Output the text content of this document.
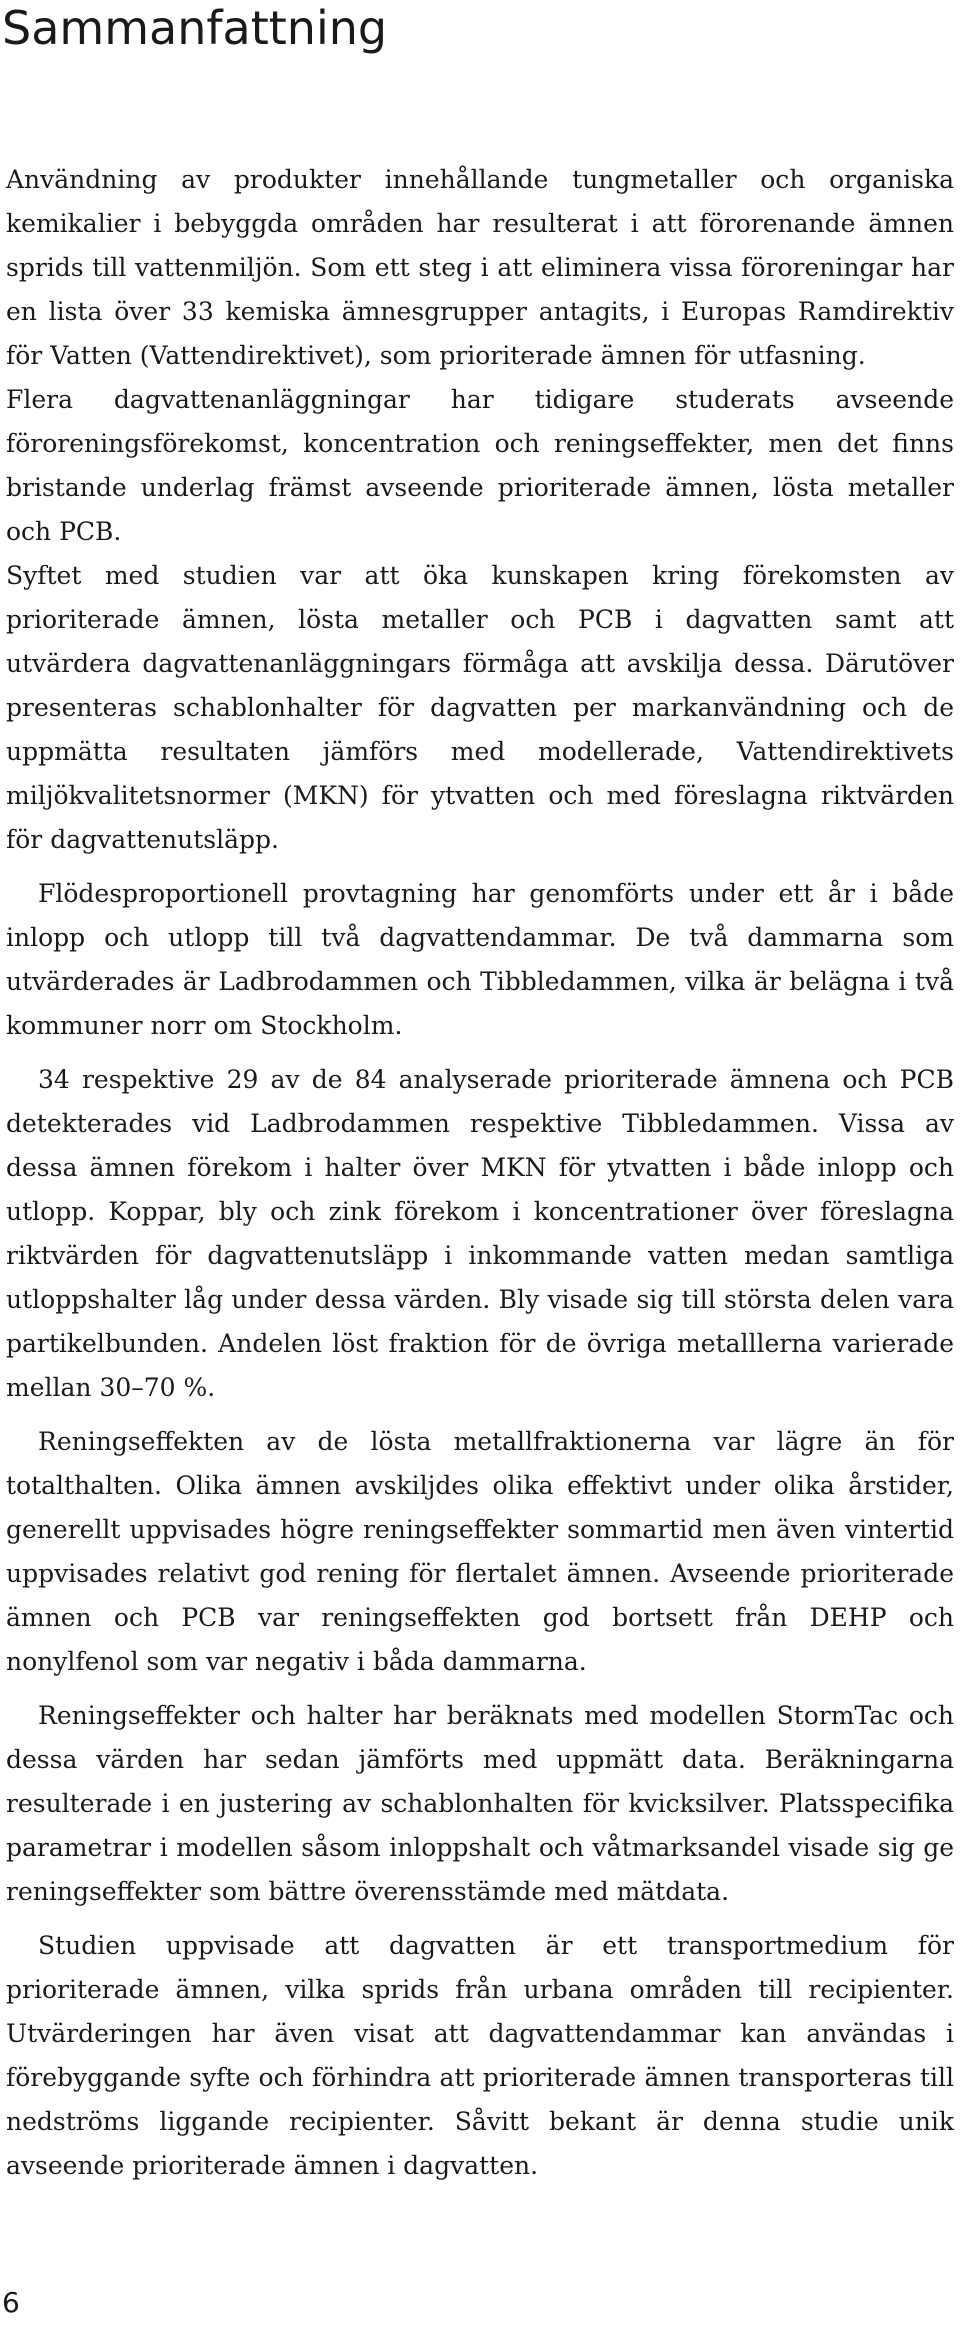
Sammanfattning

Användning av produkter innehållande tungmetaller och organiska kemikalier i bebyggda områden har resulterat i att förorenande ämnen sprids till vattenmiljön. Som ett steg i att eliminera vissa föroreningar har en lista över 33 kemiska ämnesgrupper antagits, i Europas Ramdirektiv för Vatten (Vattendirektivet), som prioriterade ämnen för utfasning.

Flera dagvattenanläggningar har tidigare studerats avseende föroreningsförekomst, koncentration och reningseffekter, men det finns bristande underlag främst avseende prioriterade ämnen, lösta metaller och PCB.

Syftet med studien var att öka kunskapen kring förekomsten av prioriterade ämnen, lösta metaller och PCB i dagvatten samt att utvärdera dagvattenanläggningars förmåga att avskilja dessa. Därutöver presenteras schablonhalter för dagvatten per markanvändning och de uppmätta resultaten jämförs med modellerade, Vattendirektivets miljökvalitetsnormer (MKN) för ytvatten och med föreslagna riktvärden för dagvattenutsläpp.

Flödesproportionell provtagning har genomförts under ett år i både inlopp och utlopp till två dagvattendammar. De två dammarna som utvärderades är Ladbrodammen och Tibbledammen, vilka är belägna i två kommuner norr om Stockholm.

34 respektive 29 av de 84 analyserade prioriterade ämnena och PCB detekterades vid Ladbrodammen respektive Tibbledammen. Vissa av dessa ämnen förekom i halter över MKN för ytvatten i både inlopp och utlopp. Koppar, bly och zink förekom i koncentrationer över föreslagna riktvärden för dagvattenutsläpp i inkommande vatten medan samtliga utloppshalter låg under dessa värden. Bly visade sig till största delen vara partikelbunden. Andelen löst fraktion för de övriga metalllerna varierade mellan 30–70 %.

Reningseffekten av de lösta metallfraktionerna var lägre än för totalthalten. Olika ämnen avskiljdes olika effektivt under olika årstider, generellt uppvisades högre reningseffekter sommartid men även vintertid uppvisades relativt god rening för flertalet ämnen. Avseende prioriterade ämnen och PCB var reningseffekten god bortsett från DEHP och nonylfenol som var negativ i båda dammarna.

Reningseffekter och halter har beräknats med modellen StormTac och dessa värden har sedan jämförts med uppmätt data. Beräkningarna resulterade i en justering av schablonhalten för kvicksilver. Platsspecifika parametrar i modellen såsom inloppshalt och våtmarksandel visade sig ge reningseffekter som bättre överensstämde med mätdata.

Studien uppvisade att dagvatten är ett transportmedium för prioriterade ämnen, vilka sprids från urbana områden till recipienter. Utvärderingen har även visat att dagvattendammar kan användas i förebyggande syfte och förhindra att prioriterade ämnen transporteras till nedströms liggande recipienter. Såvitt bekant är denna studie unik avseende prioriterade ämnen i dagvatten.

6
